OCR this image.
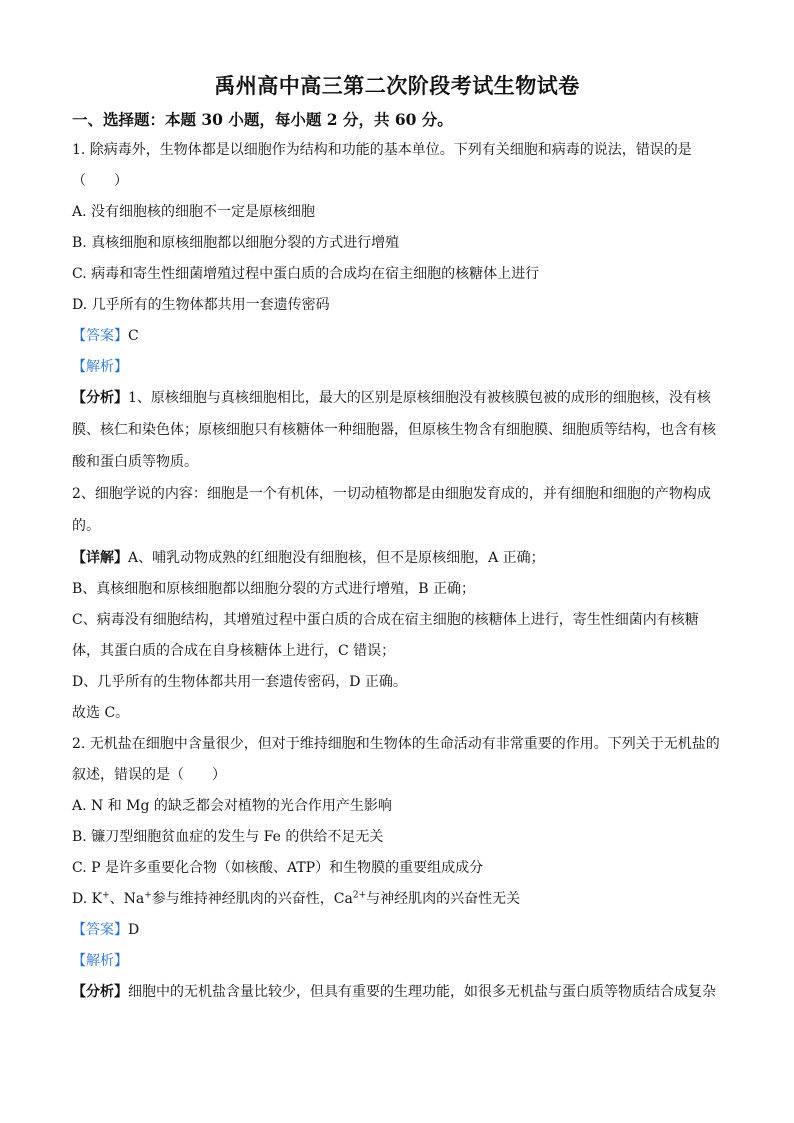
禹州高中高三第二次阶段考试生物试卷
一、选择题：本题 30 小题，每小题 2 分，共 60 分。
1. 除病毒外，生物体都是以细胞作为结构和功能的基本单位。下列有关细胞和病毒的说法，错误的是
（　　）
A. 没有细胞核的细胞不一定是原核细胞
B. 真核细胞和原核细胞都以细胞分裂的方式进行增殖
C. 病毒和寄生性细菌增殖过程中蛋白质的合成均在宿主细胞的核糖体上进行
D. 几乎所有的生物体都共用一套遗传密码
【答案】C
【解析】
【分析】1、原核细胞与真核细胞相比，最大的区别是原核细胞没有被核膜包被的成形的细胞核，没有核
膜、核仁和染色体；原核细胞只有核糖体一种细胞器，但原核生物含有细胞膜、细胞质等结构，也含有核
酸和蛋白质等物质。
2、细胞学说的内容：细胞是一个有机体，一切动植物都是由细胞发育成的，并有细胞和细胞的产物构成
的。
【详解】A、哺乳动物成熟的红细胞没有细胞核，但不是原核细胞，A 正确；
B、真核细胞和原核细胞都以细胞分裂的方式进行增殖，B 正确；
C、病毒没有细胞结构，其增殖过程中蛋白质的合成在宿主细胞的核糖体上进行，寄生性细菌内有核糖
体，其蛋白质的合成在自身核糖体上进行，C 错误；
D、几乎所有的生物体都共用一套遗传密码，D 正确。
故选 C。
2. 无机盐在细胞中含量很少，但对于维持细胞和生物体的生命活动有非常重要的作用。下列关于无机盐的
叙述，错误的是（　　）
A. N 和 Mg 的缺乏都会对植物的光合作用产生影响
B. 镰刀型细胞贫血症的发生与 Fe 的供给不足无关
C. P 是许多重要化合物（如核酸、ATP）和生物膜的重要组成成分
D. K+、Na+参与维持神经肌肉的兴奋性，$Ca^{2+}$与神经肌肉的兴奋性无关
【答案】D
【解析】
【分析】细胞中的无机盐含量比较少，但具有重要的生理功能，如很多无机盐与蛋白质等物质结合成复杂
